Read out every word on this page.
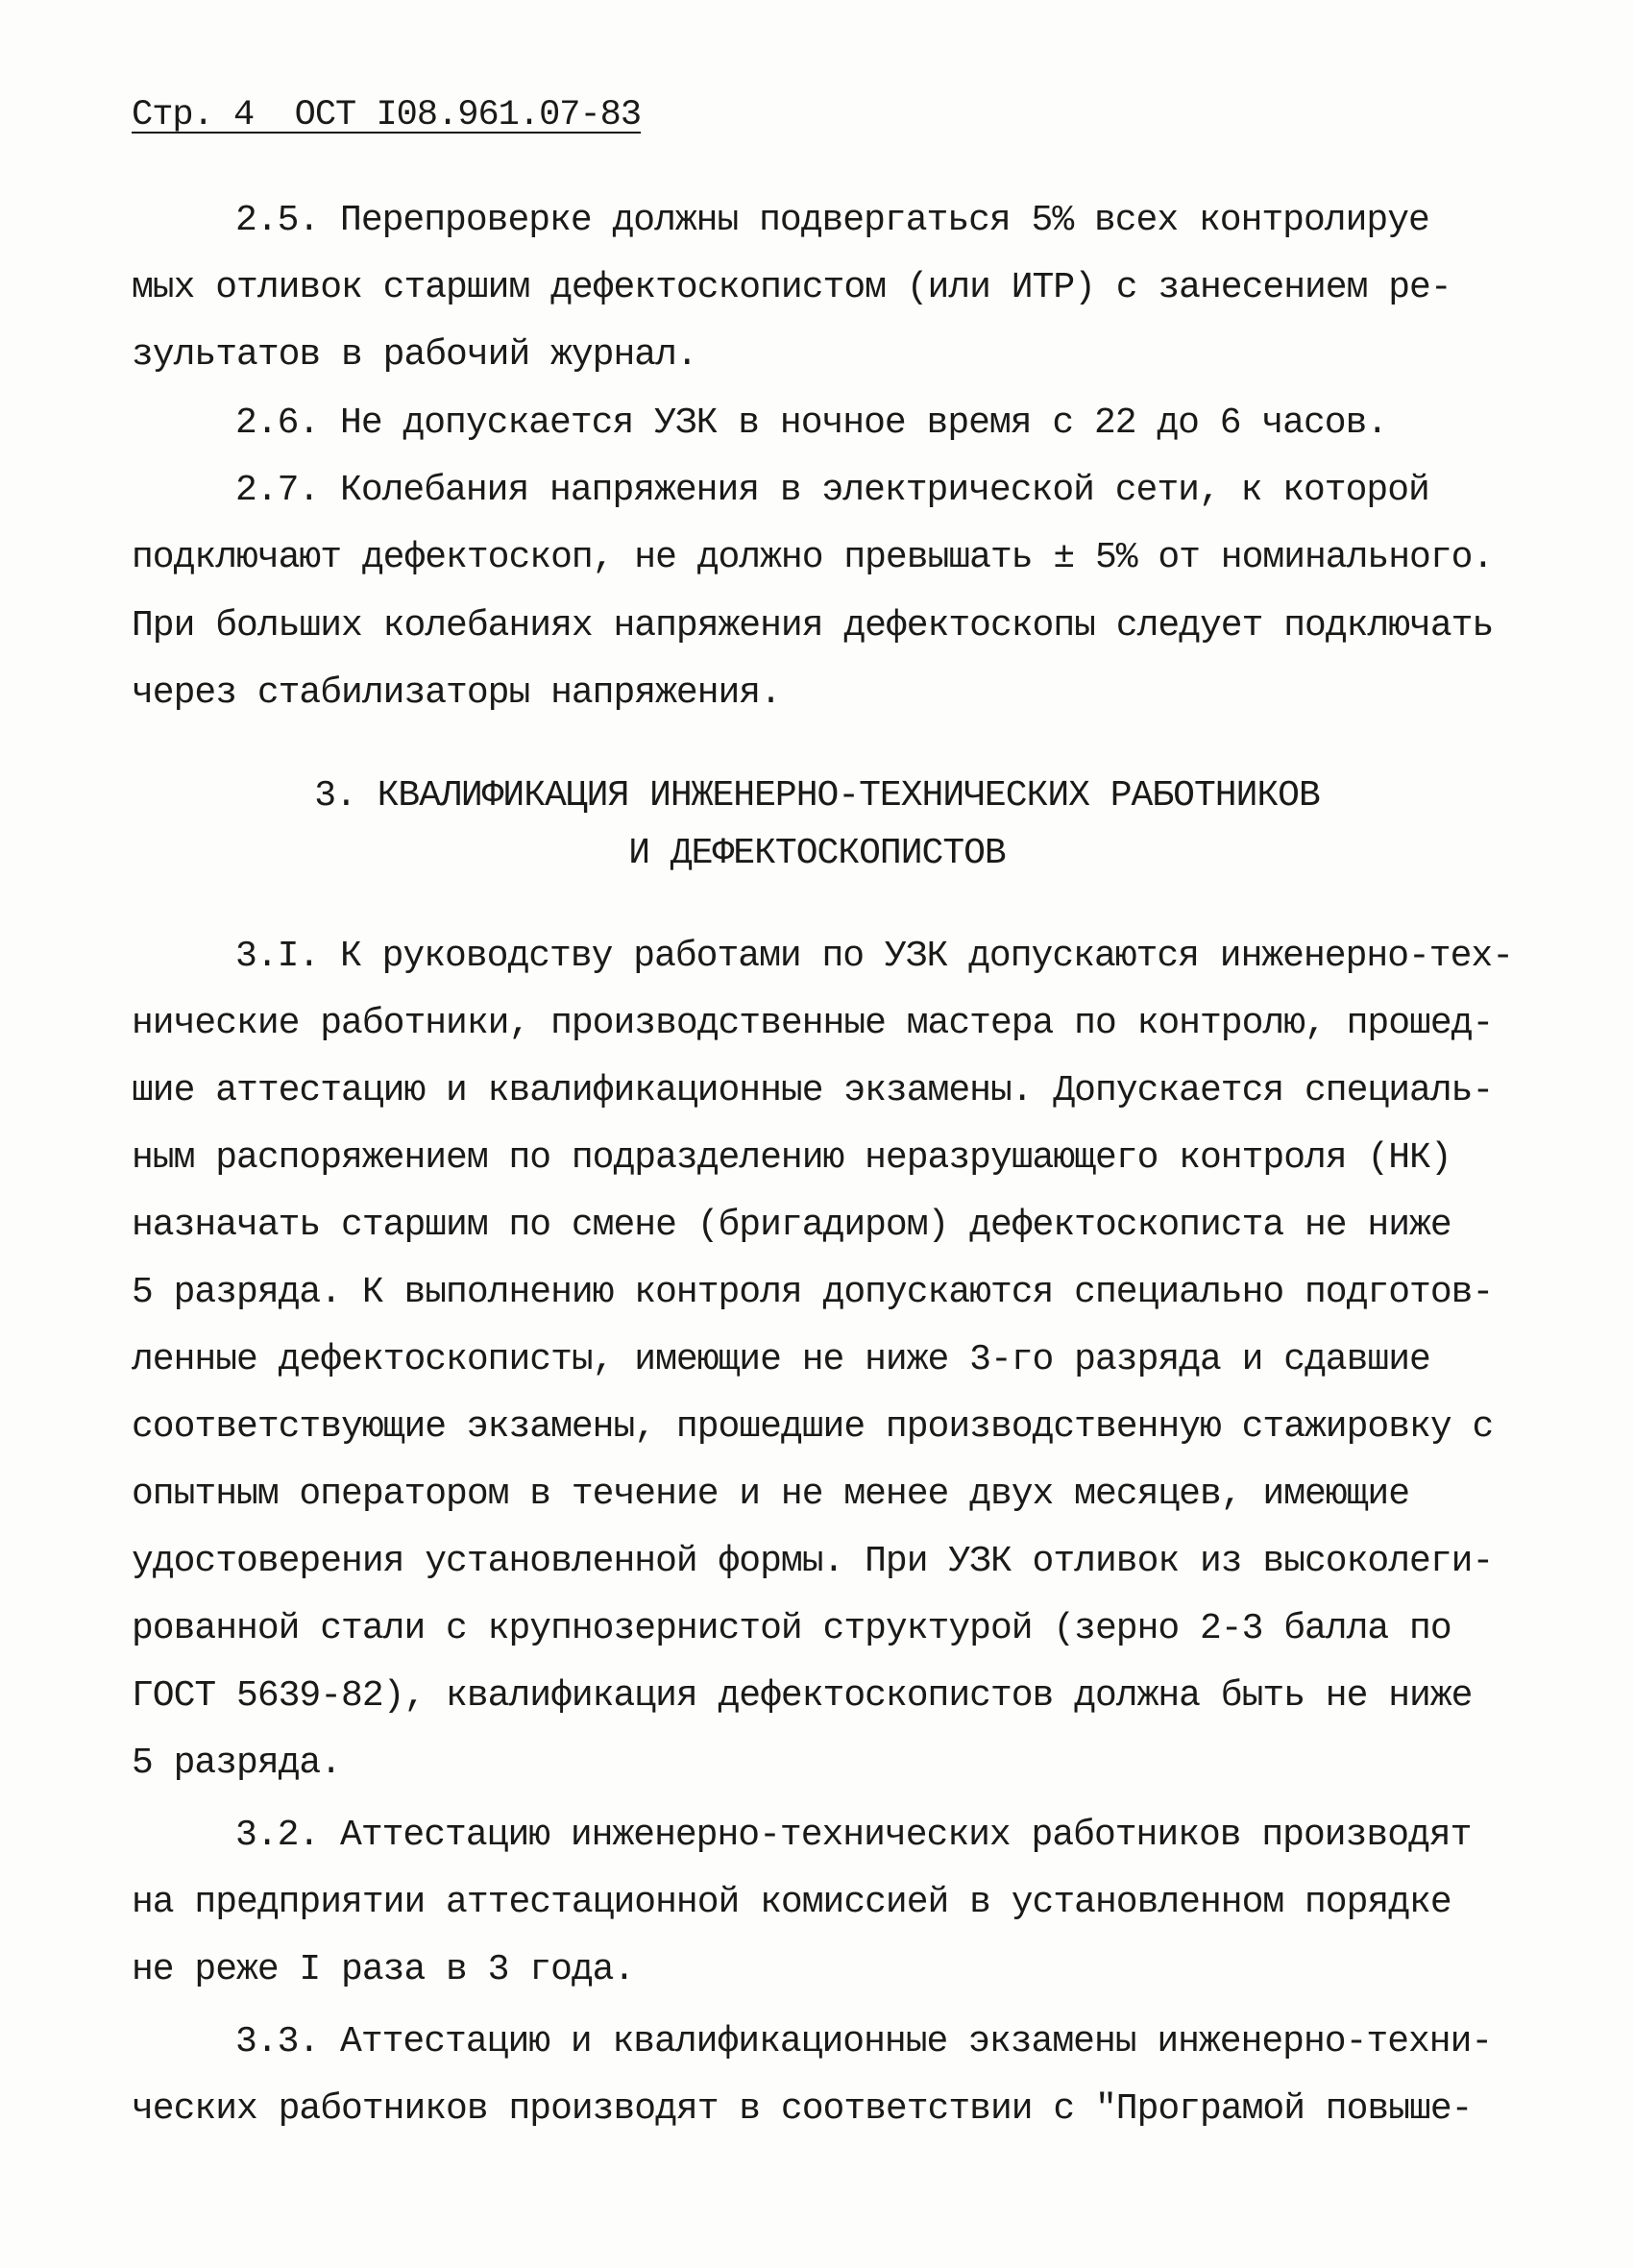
Стр. 4  ОСТ I08.961.07-83
2.5. Перепроверке должны подвергаться 5% всех контролируе
мых отливок старшим дефектоскопистом (или ИТР) с занесением ре-
зультатов в рабочий журнал.
2.6. Не допускается УЗК в ночное время с 22 до 6 часов.
2.7. Колебания напряжения в электрической сети, к которой
подключают дефектоскоп, не должно превышать ± 5% от номинального.
При больших колебаниях напряжения дефектоскопы следует подключать
через стабилизаторы напряжения.
3. КВАЛИФИКАЦИЯ ИНЖЕНЕРНО-ТЕХНИЧЕСКИХ РАБОТНИКОВ
И ДЕФЕКТОСКОПИСТОВ
3.I. К руководству работами по УЗК допускаются инженерно-тех-
нические работники, производственные мастера по контролю, прошед-
шие аттестацию и квалификационные экзамены. Допускается специаль-
ным распоряжением по подразделению неразрушающего контроля (НК)
назначать старшим по смене (бригадиром) дефектоскописта не ниже
5 разряда. К выполнению контроля допускаются специально подготов-
ленные дефектоскописты, имеющие не ниже 3-го разряда и сдавшие
соответствующие экзамены, прошедшие производственную стажировку с
опытным оператором в течение и не менее двух месяцев, имеющие
удостоверения установленной формы. При УЗК отливок из высоколеги-
рованной стали с крупнозернистой структурой (зерно 2-3 балла по
ГОСТ 5639-82), квалификация дефектоскопистов должна быть не ниже
5 разряда.
3.2. Аттестацию инженерно-технических работников производят
на предприятии аттестационной комиссией в установленном порядке
не реже I раза в 3 года.
3.3. Аттестацию и квалификационные экзамены инженерно-техни-
ческих работников производят в соответствии с "Програмой повыше-
